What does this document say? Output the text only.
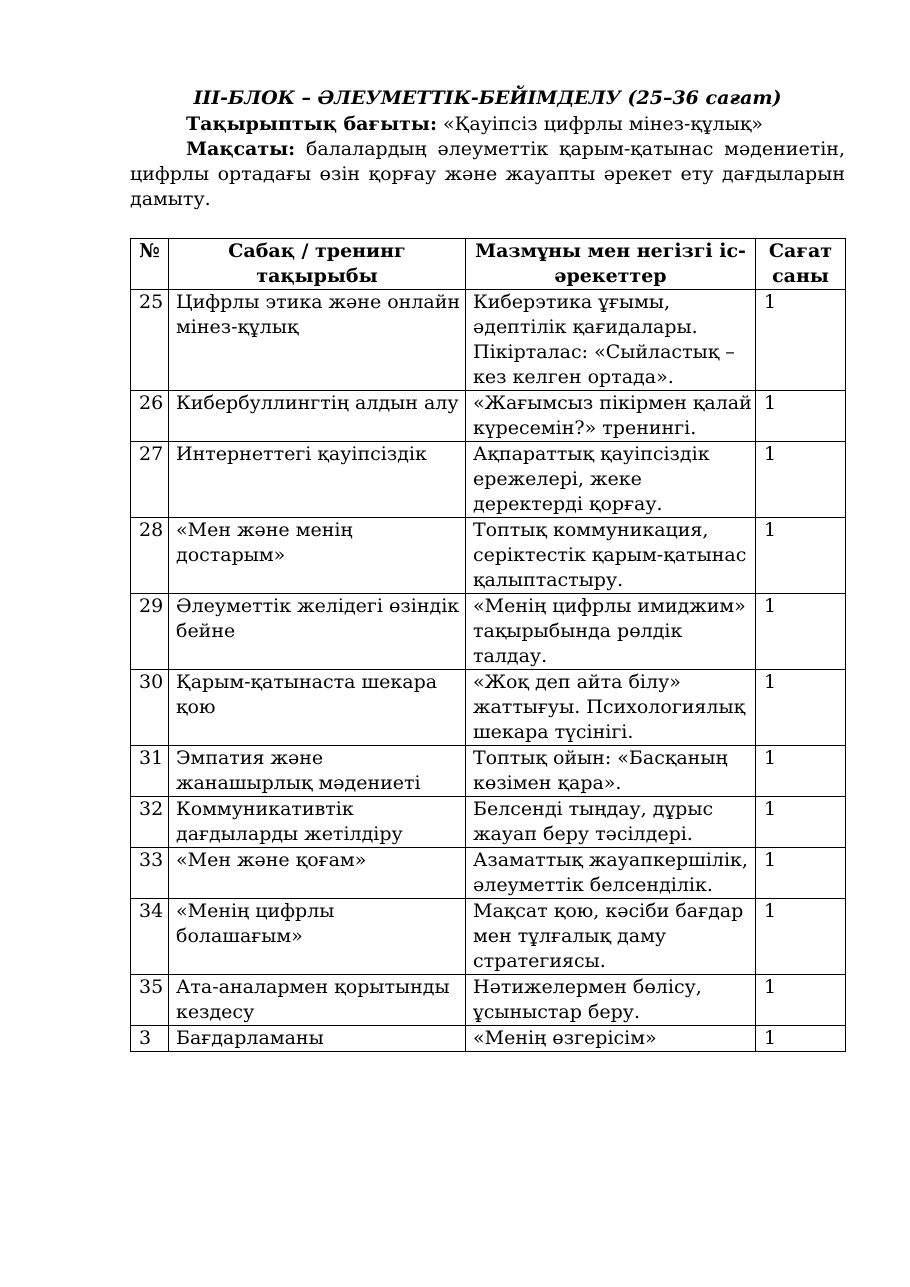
ІІІ-БЛОК – ӘЛЕУМЕТТІК-БЕЙІМДЕЛУ (25–36 сағат)

Тақырыптық бағыты: «Қауіпсіз цифрлы мінез-құлық»

Мақсаты: балалардың әлеуметтік қарым-қатынас мәдениетін, цифрлы ортадағы өзін қорғау және жауапты әрекет ету дағдыларын дамыту.

№	Сабақ / тренинг тақырыбы	Мазмұны мен негізгі іс-әрекеттер	Сағат саны
25	Цифрлы этика және онлайн мінез-құлық	Киберэтика ұғымы, әдептілік қағидалары. Пікірталас: «Сыйластық – кез келген ортада».	1
26	Кибербуллингтің алдын алу	«Жағымсыз пікірмен қалай күресемін?» тренингі.	1
27	Интернеттегі қауіпсіздік	Ақпараттық қауіпсіздік ережелері, жеке деректерді қорғау.	1
28	«Мен және менің достарым»	Топтық коммуникация, серіктестік қарым-қатынас қалыптастыру.	1
29	Әлеуметтік желідегі өзіндік бейне	«Менің цифрлы имиджим» тақырыбында рөлдік талдау.	1
30	Қарым-қатынаста шекара қою	«Жоқ деп айта білу» жаттығуы. Психологиялық шекара түсінігі.	1
31	Эмпатия және жанашырлық мәдениеті	Топтық ойын: «Басқаның көзімен қара».	1
32	Коммуникативтік дағдыларды жетілдіру	Белсенді тыңдау, дұрыс жауап беру тәсілдері.	1
33	«Мен және қоғам»	Азаматтық жауапкершілік, әлеуметтік белсенділік.	1
34	«Менің цифрлы болашағым»	Мақсат қою, кәсіби бағдар мен тұлғалық даму стратегиясы.	1
35	Ата-аналармен қорытынды кездесу	Нәтижелермен бөлісу, ұсыныстар беру.	1
3	Бағдарламаны	«Менің өзгерісім»	1
